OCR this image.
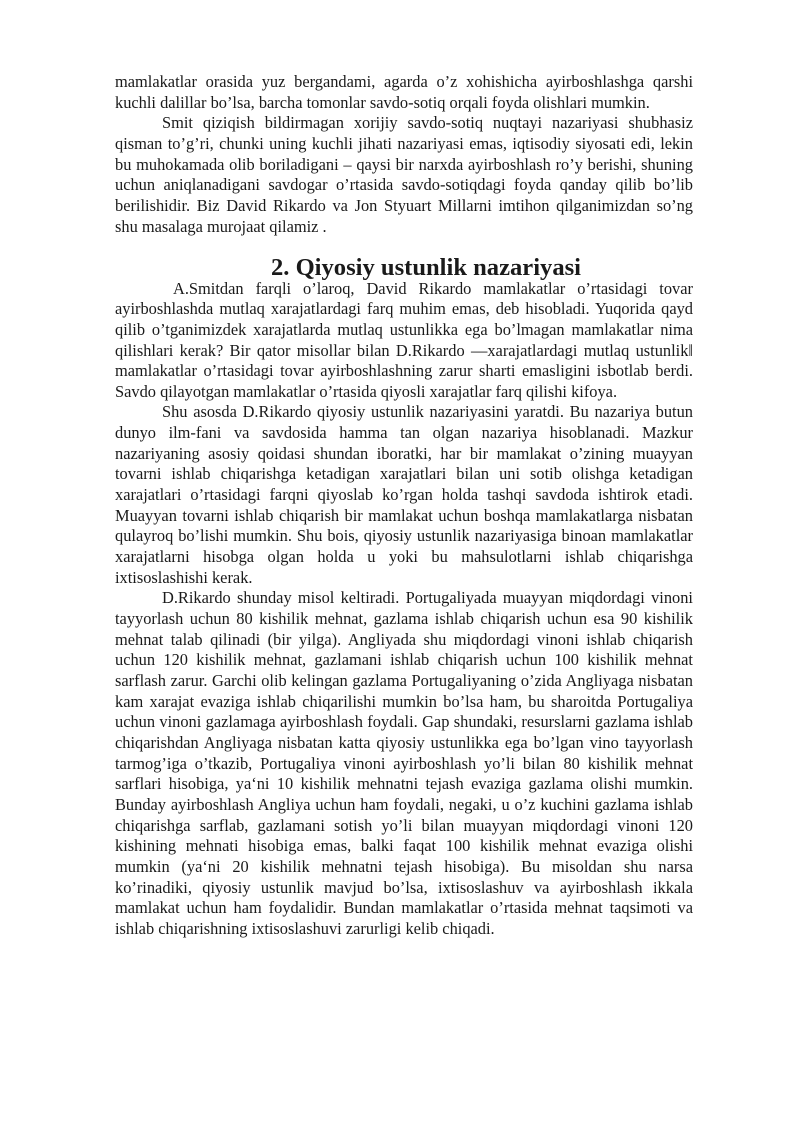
mamlakatlar orasida yuz bergandami, agarda o’z xohishicha ayirboshlashga qarshi kuchli dalillar bo’lsa, barcha tomonlar savdo-sotiq orqali foyda olishlari mumkin.

Smit qiziqish bildirmagan xorijiy savdo-sotiq nuqtayi nazariyasi shubhasiz qisman to’g’ri, chunki uning kuchli jihati nazariyasi emas, iqtisodiy siyosati edi, lekin bu muhokamada olib boriladigani – qaysi bir narxda ayirboshlash ro’y berishi, shuning uchun aniqlanadigani savdogar o’rtasida savdo-sotiqdagi foyda qanday qilib bo’lib berilishidir. Biz David Rikardo va Jon Styuart Millarni imtihon qilganimizdan so’ng shu masalaga murojaat qilamiz .

2. Qiyosiy ustunlik nazariyasi

A.Smitdan farqli o’laroq, David Rikardo mamlakatlar o’rtasidagi tovar ayirboshlashda mutlaq xarajatlardagi farq muhim emas, deb hisobladi. Yuqorida qayd qilib o’tganimizdek xarajatlarda mutlaq ustunlikka ega bo’lmagan mamlakatlar nima qilishlari kerak? Bir qator misollar bilan D.Rikardo ―xarajatlardagi mutlaq ustunlik‖ mamlakatlar o’rtasidagi tovar ayirboshlashning zarur sharti emasligini isbotlab berdi. Savdo qilayotgan mamlakatlar o’rtasida qiyosli xarajatlar farq qilishi kifoya.

Shu asosda D.Rikardo qiyosiy ustunlik nazariyasini yaratdi. Bu nazariya butun dunyo ilm-fani va savdosida hamma tan olgan nazariya hisoblanadi. Mazkur nazariyaning asosiy qoidasi shundan iboratki, har bir mamlakat o’zining muayyan tovarni ishlab chiqarishga ketadigan xarajatlari bilan uni sotib olishga ketadigan xarajatlari o’rtasidagi farqni qiyoslab ko’rgan holda tashqi savdoda ishtirok etadi. Muayyan tovarni ishlab chiqarish bir mamlakat uchun boshqa mamlakatlarga nisbatan qulayroq bo’lishi mumkin. Shu bois, qiyosiy ustunlik nazariyasiga binoan mamlakatlar xarajatlarni hisobga olgan holda u yoki bu mahsulotlarni ishlab chiqarishga ixtisoslashishi kerak.

D.Rikardo shunday misol keltiradi. Portugaliyada muayyan miqdordagi vinoni tayyorlash uchun 80 kishilik mehnat, gazlama ishlab chiqarish uchun esa 90 kishilik mehnat talab qilinadi (bir yilga). Angliyada shu miqdordagi vinoni ishlab chiqarish uchun 120 kishilik mehnat, gazlamani ishlab chiqarish uchun 100 kishilik mehnat sarflash zarur. Garchi olib kelingan gazlama Portugaliyaning o’zida Angliyaga nisbatan kam xarajat evaziga ishlab chiqarilishi mumkin bo’lsa ham, bu sharoitda Portugaliya uchun vinoni gazlamaga ayirboshlash foydali. Gap shundaki, resurslarni gazlama ishlab chiqarishdan Angliyaga nisbatan katta qiyosiy ustunlikka ega bo’lgan vino tayyorlash tarmog’iga o’tkazib, Portugaliya vinoni ayirboshlash yo’li bilan 80 kishilik mehnat sarflari hisobiga, ya‘ni 10 kishilik mehnatni tejash evaziga gazlama olishi mumkin. Bunday ayirboshlash Angliya uchun ham foydali, negaki, u o’z kuchini gazlama ishlab chiqarishga sarflab, gazlamani sotish yo’li bilan muayyan miqdordagi vinoni 120 kishining mehnati hisobiga emas, balki faqat 100 kishilik mehnat evaziga olishi mumkin (ya‘ni 20 kishilik mehnatni tejash hisobiga). Bu misoldan shu narsa ko’rinadiki, qiyosiy ustunlik mavjud bo’lsa, ixtisoslashuv va ayirboshlash ikkala mamlakat uchun ham foydalidir. Bundan mamlakatlar o’rtasida mehnat taqsimoti va ishlab chiqarishning ixtisoslashuvi zarurligi kelib chiqadi.
